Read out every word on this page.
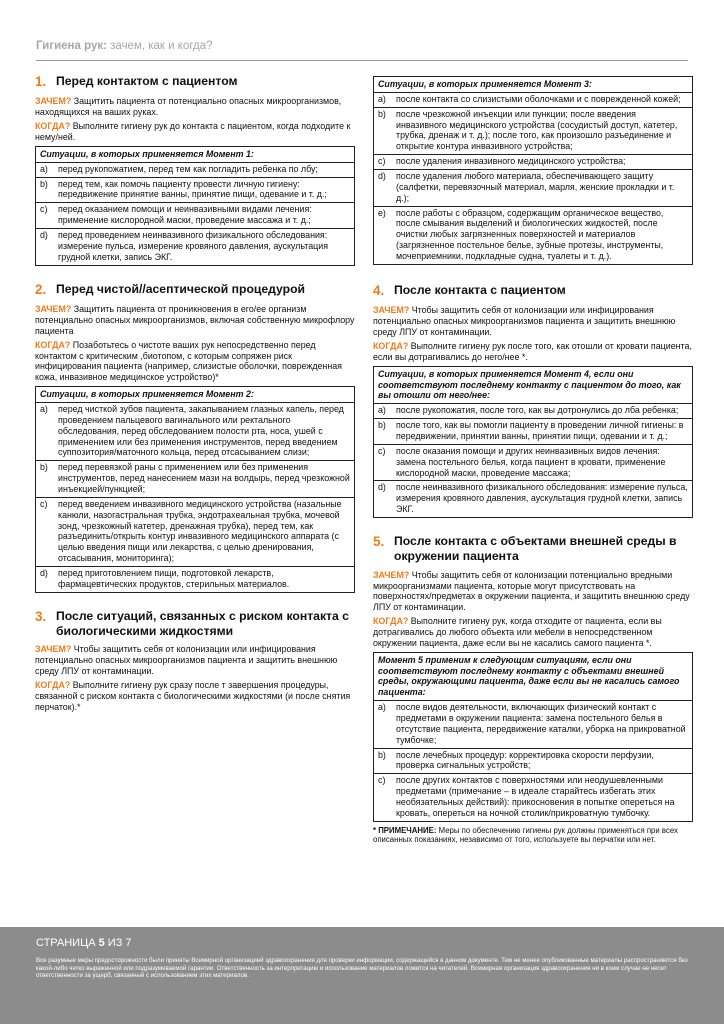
Гигиена рук: зачем, как и когда?
1. Перед контактом с пациентом
ЗАЧЕМ? Защитить пациента от потенциально опасных микроорганизмов, находящихся на ваших руках.
КОГДА? Выполните гигиену рук до контакта с пациентом, когда подходите к нему/ней.
Ситуации, в которых применяется Момент 1:
a)	перед рукопожатием, перед тем как погладить ребенка по лбу;
b)	перед тем, как помочь пациенту провести личную гигиену: передвижение принятие ванны, принятие пищи, одевание и т. д.;
c)	перед оказанием помощи и неинвазивными видами лечения: применение кислородной маски, проведение массажа и т. д.;
d)	перед проведением неинвазивного физикального обследования: измерение пульса, измерение кровяного давления, аускультация грудной клетки, запись ЭКГ.
2. Перед чистой//асептической процедурой
ЗАЧЕМ? Защитить пациента от проникновения в его/ее организм потенциально опасных микроорганизмов, включая собственную микрофлору пациента
КОГДА? Позаботьтесь о чистоте ваших рук непосредственно перед контактом с критическим ,биотопом, с которым сопряжен риск инфицирования пациента (например, слизистые оболочки, поврежденная кожа, инвазивное медицинское устройство)*
Ситуации, в которых применяется Момент 2:
a)	перед чисткой зубов пациента, закапыванием глазных капель, перед проведением пальцевого вагинального или ректального обследования, перед обследованием полости рта, носа, ушей с применением или без применения инструментов, перед введением суппозитория/маточного кольца, перед отсасыванием слизи;
b)	перед перевязкой раны с применением или без применения инструментов, перед нанесением мази на волдырь, перед чрезкожной инъекцией/пункцией;
c)	перед введением инвазивного медицинского устройства (назальные канюли, назогастральная трубка, эндотрахеальная трубка, мочевой зонд, чрезкожный катетер, дренажная трубка), перед тем, как разъединить/открыть контур инвазивного медицинского аппарата (с целью введения пищи или лекарства, с целью дренирования, отсасывания, мониторинга);
d)	перед приготовлением пищи, подготовкой лекарств, фармацевтических продуктов, стерильных материалов.
3. После ситуаций, связанных с риском контакта с биологическими жидкостями
ЗАЧЕМ? Чтобы защитить себя от колонизации или инфицирования потенциально опасных микроорганизмов пациента и защитить внешнюю среду ЛПУ от контаминации.
КОГДА? Выполните гигиену рук сразу после т завершения процедуры, связанной с риском контакта с биологическими жидкостями (и после снятия перчаток).*
Ситуации, в которых применяется Момент 3:
a)	после контакта со слизистыми оболочками и с поврежденной кожей;
b)	после чрезкожной инъекции или пункции; после введения инвазивного медицинского устройства (сосудистый доступ, катетер, трубка, дренаж и т. д.); после того, как произошло разъединение и открытие контура инвазивного устройства;
c)	после удаления инвазивного медицинского устройства;
d)	после удаления любого материала, обеспечивающего защиту (салфетки, перевязочный материал, марля, женские прокладки и т. д.);
e)	после работы с образцом, содержащим органическое вещество, после смывания выделений и биологических жидкостей, после очистки любых загрязненных поверхностей и материалов (загрязненное постельное белье, зубные протезы, инструменты, мочеприемники, подкладные судна, туалеты и т. д.).
4. После контакта с пациентом
ЗАЧЕМ? Чтобы защитить себя от колонизации или инфицирования потенциально опасных микроорганизмов пациента и защитить внешнюю среду ЛПУ от контаминации.
КОГДА? Выполните гигиену рук после того, как отошли от кровати пациента, если вы дотрагивались до него/нее *.
Ситуации, в которых применяется Момент 4, если они соответствуют последнему контакту с пациентом до того, как вы отошли от него/нее:
a)	после рукопожатия, после того, как вы дотронулись до лба ребенка;
b)	после того, как вы помогли пациенту в проведении личной гигиены: в передвижении, принятии ванны, принятии пищи, одевании и т. д.;
c)	после оказания помощи и других неинвазивных видов лечения: замена постельного белья, когда пациент в кровати, применение кислородной маски, проведение массажа;
d)	после неинвазивного физикального обследования: измерение пульса, измерения кровяного давления, аускультация грудной клетки, запись ЭКГ.
5. После контакта с объектами внешней среды в окружении пациента
ЗАЧЕМ? Чтобы защитить себя от колонизации потенциально вредными микроорганизмами пациента, которые могут присутствовать на поверхностях/предметах в окружении пациента, и защитить внешнюю среду ЛПУ от контаминации.
КОГДА? Выполните гигиену рук, когда отходите от пациента, если вы дотрагивались до любого объекта или мебели в непосредственном окружении пациента, даже если вы не касались самого пациента *.
Момент 5 применим к следующим ситуациям, если они соответствуют последнему контакту с объектами внешней среды, окружающими пациента, даже если вы не касались самого пациента:
a)	после видов деятельности, включающих физический контакт с предметами в окружении пациента: замена постельного белья в отсутствие пациента, передвижение каталки, уборка на прикроватной тумбочке;
b)	после лечебных процедур: корректировка скорости перфузии, проверка сигнальных устройств;
c)	после других контактов с поверхностями или неодушевленными предметами (примечание – в идеале старайтесь избегать этих необязательных действий): прикосновения в попытке опереться на кровать, опереться на ночной столик/прикроватную тумбочку.
* ПРИМЕЧАНИЕ: Меры по обеспечению гигиены рук должны применяться при всех описанных показаниях, независимо от того, используете вы перчатки или нет.
СТРАНИЦА 5 ИЗ 7
Все разумные меры предосторожности были приняты Всемирной организацией здравоохранения для проверки информации, содержащейся в данном документе. Тем не менее опубликованные материалы распространяются без какой-либо четко выраженной или подразумеваемой гарантии. Ответственность за интерпретацию и использование материалов ложится на читателей. Всемирная организация здравоохранения ни в коем случае не несет ответственности за ущерб, связанный с использованием этих материалов.
